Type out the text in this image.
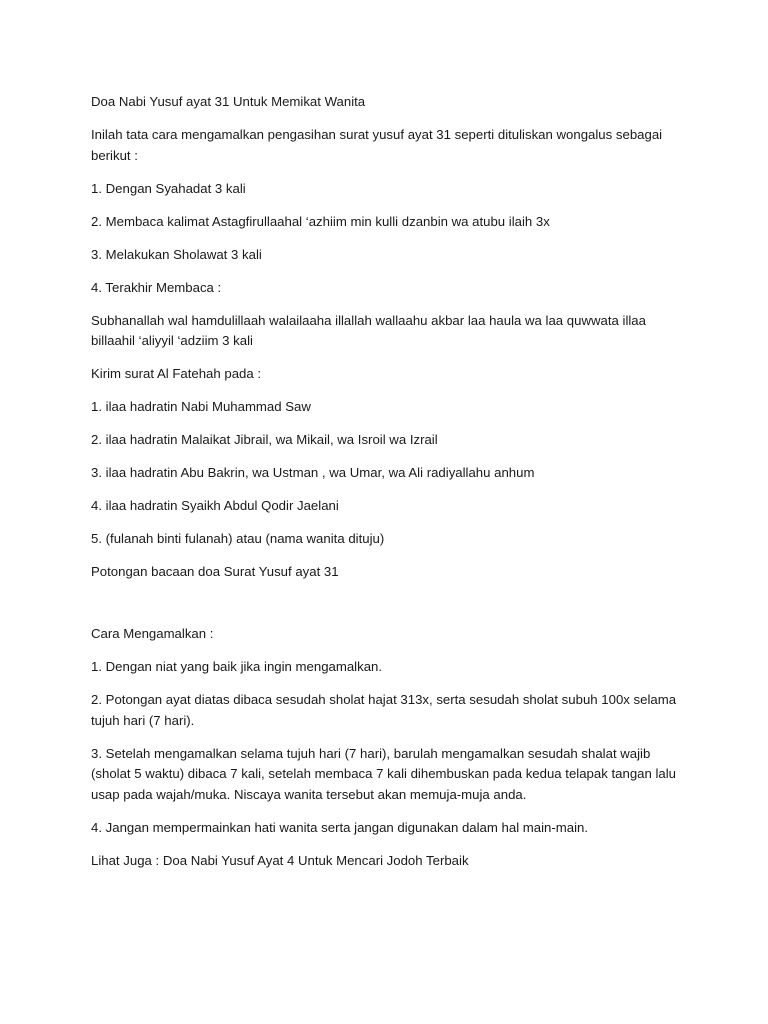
Doa Nabi Yusuf ayat 31 Untuk Memikat Wanita

Inilah tata cara mengamalkan pengasihan surat yusuf ayat 31 seperti dituliskan wongalus sebagai berikut :

1. Dengan Syahadat 3 kali

2. Membaca kalimat Astagfirullaahal ‘azhiim min kulli dzanbin wa atubu ilaih 3x

3. Melakukan Sholawat 3 kali

4. Terakhir Membaca :

Subhanallah wal hamdulillaah walailaaha illallah wallaahu akbar laa haula wa laa quwwata illaa billaahil ‘aliyyil ‘adziim 3 kali

Kirim surat Al Fatehah pada :

1. ilaa hadratin Nabi Muhammad Saw

2. ilaa hadratin Malaikat Jibrail, wa Mikail, wa Isroil wa Izrail

3. ilaa hadratin Abu Bakrin, wa Ustman , wa Umar, wa Ali radiyallahu anhum

4. ilaa hadratin Syaikh Abdul Qodir Jaelani

5. (fulanah binti fulanah) atau (nama wanita dituju)

Potongan bacaan doa Surat Yusuf ayat 31

Cara Mengamalkan :

1. Dengan niat yang baik jika ingin mengamalkan.

2. Potongan ayat diatas dibaca sesudah sholat hajat 313x, serta sesudah sholat subuh 100x selama tujuh hari (7 hari).

3. Setelah mengamalkan selama tujuh hari (7 hari), barulah mengamalkan sesudah shalat wajib (sholat 5 waktu) dibaca 7 kali, setelah membaca 7 kali dihembuskan pada kedua telapak tangan lalu usap pada wajah/muka. Niscaya wanita tersebut akan memuja-muja anda.

4. Jangan mempermainkan hati wanita serta jangan digunakan dalam hal main-main.

Lihat Juga : Doa Nabi Yusuf Ayat 4 Untuk Mencari Jodoh Terbaik
